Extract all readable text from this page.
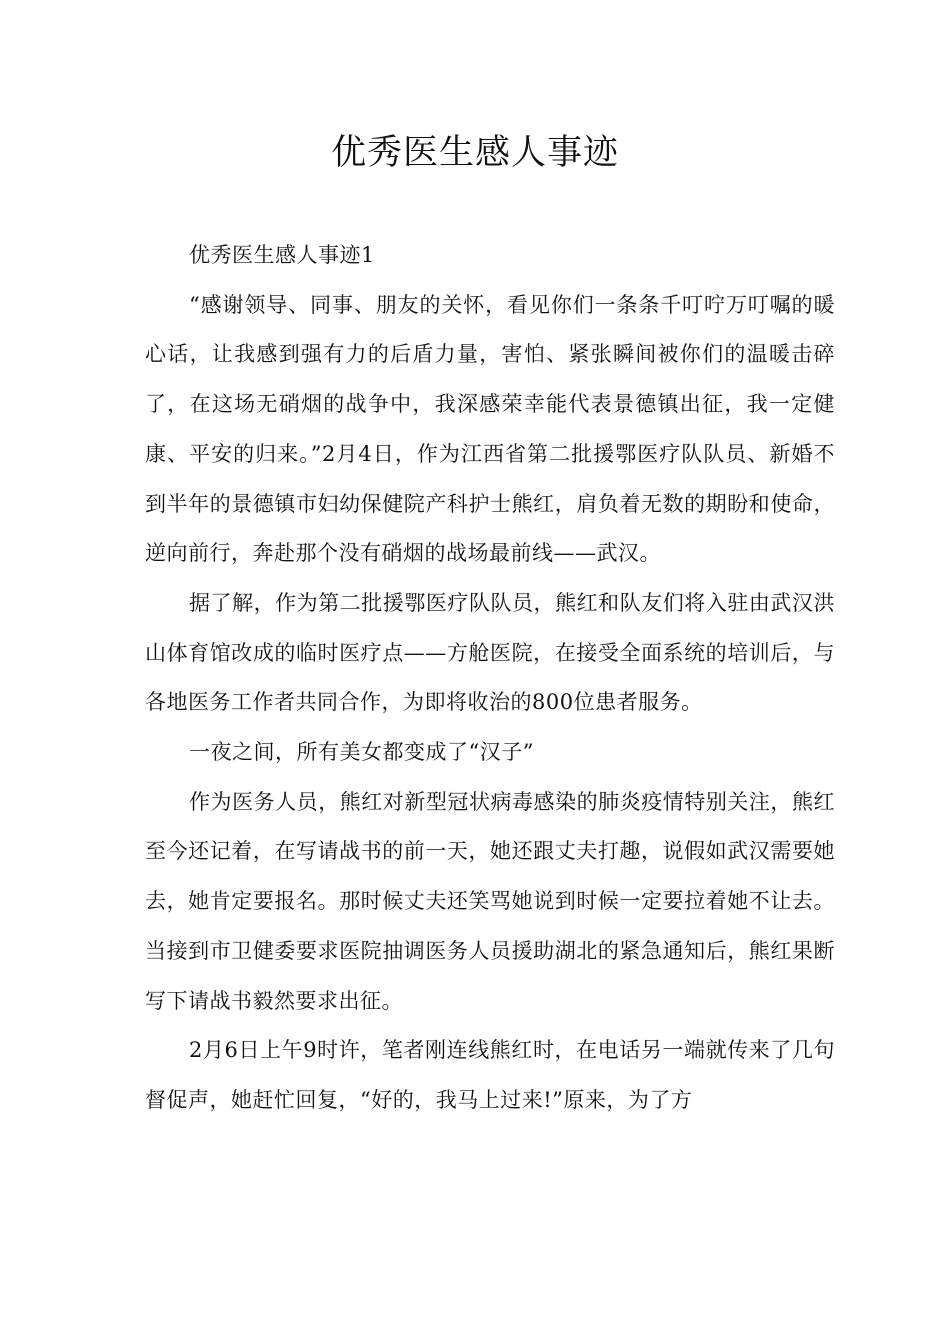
优秀医生感人事迹

优秀医生感人事迹1

“感谢领导、同事、朋友的关怀，看见你们一条条千叮咛万叮嘱的暖心话，让我感到强有力的后盾力量，害怕、紧张瞬间被你们的温暖击碎了，在这场无硝烟的战争中，我深感荣幸能代表景德镇出征，我一定健康、平安的归来。”2月4日，作为江西省第二批援鄂医疗队队员、新婚不到半年的景德镇市妇幼保健院产科护士熊红，肩负着无数的期盼和使命，逆向前行，奔赴那个没有硝烟的战场最前线——武汉。

据了解，作为第二批援鄂医疗队队员，熊红和队友们将入驻由武汉洪山体育馆改成的临时医疗点——方舱医院，在接受全面系统的培训后，与各地医务工作者共同合作，为即将收治的800位患者服务。

一夜之间，所有美女都变成了“汉子”

作为医务人员，熊红对新型冠状病毒感染的肺炎疫情特别关注，熊红至今还记着，在写请战书的前一天，她还跟丈夫打趣，说假如武汉需要她去，她肯定要报名。那时候丈夫还笑骂她说到时候一定要拉着她不让去。当接到市卫健委要求医院抽调医务人员援助湖北的紧急通知后，熊红果断写下请战书毅然要求出征。

2月6日上午9时许，笔者刚连线熊红时，在电话另一端就传来了几句督促声，她赶忙回复，“好的，我马上过来!”原来，为了方
